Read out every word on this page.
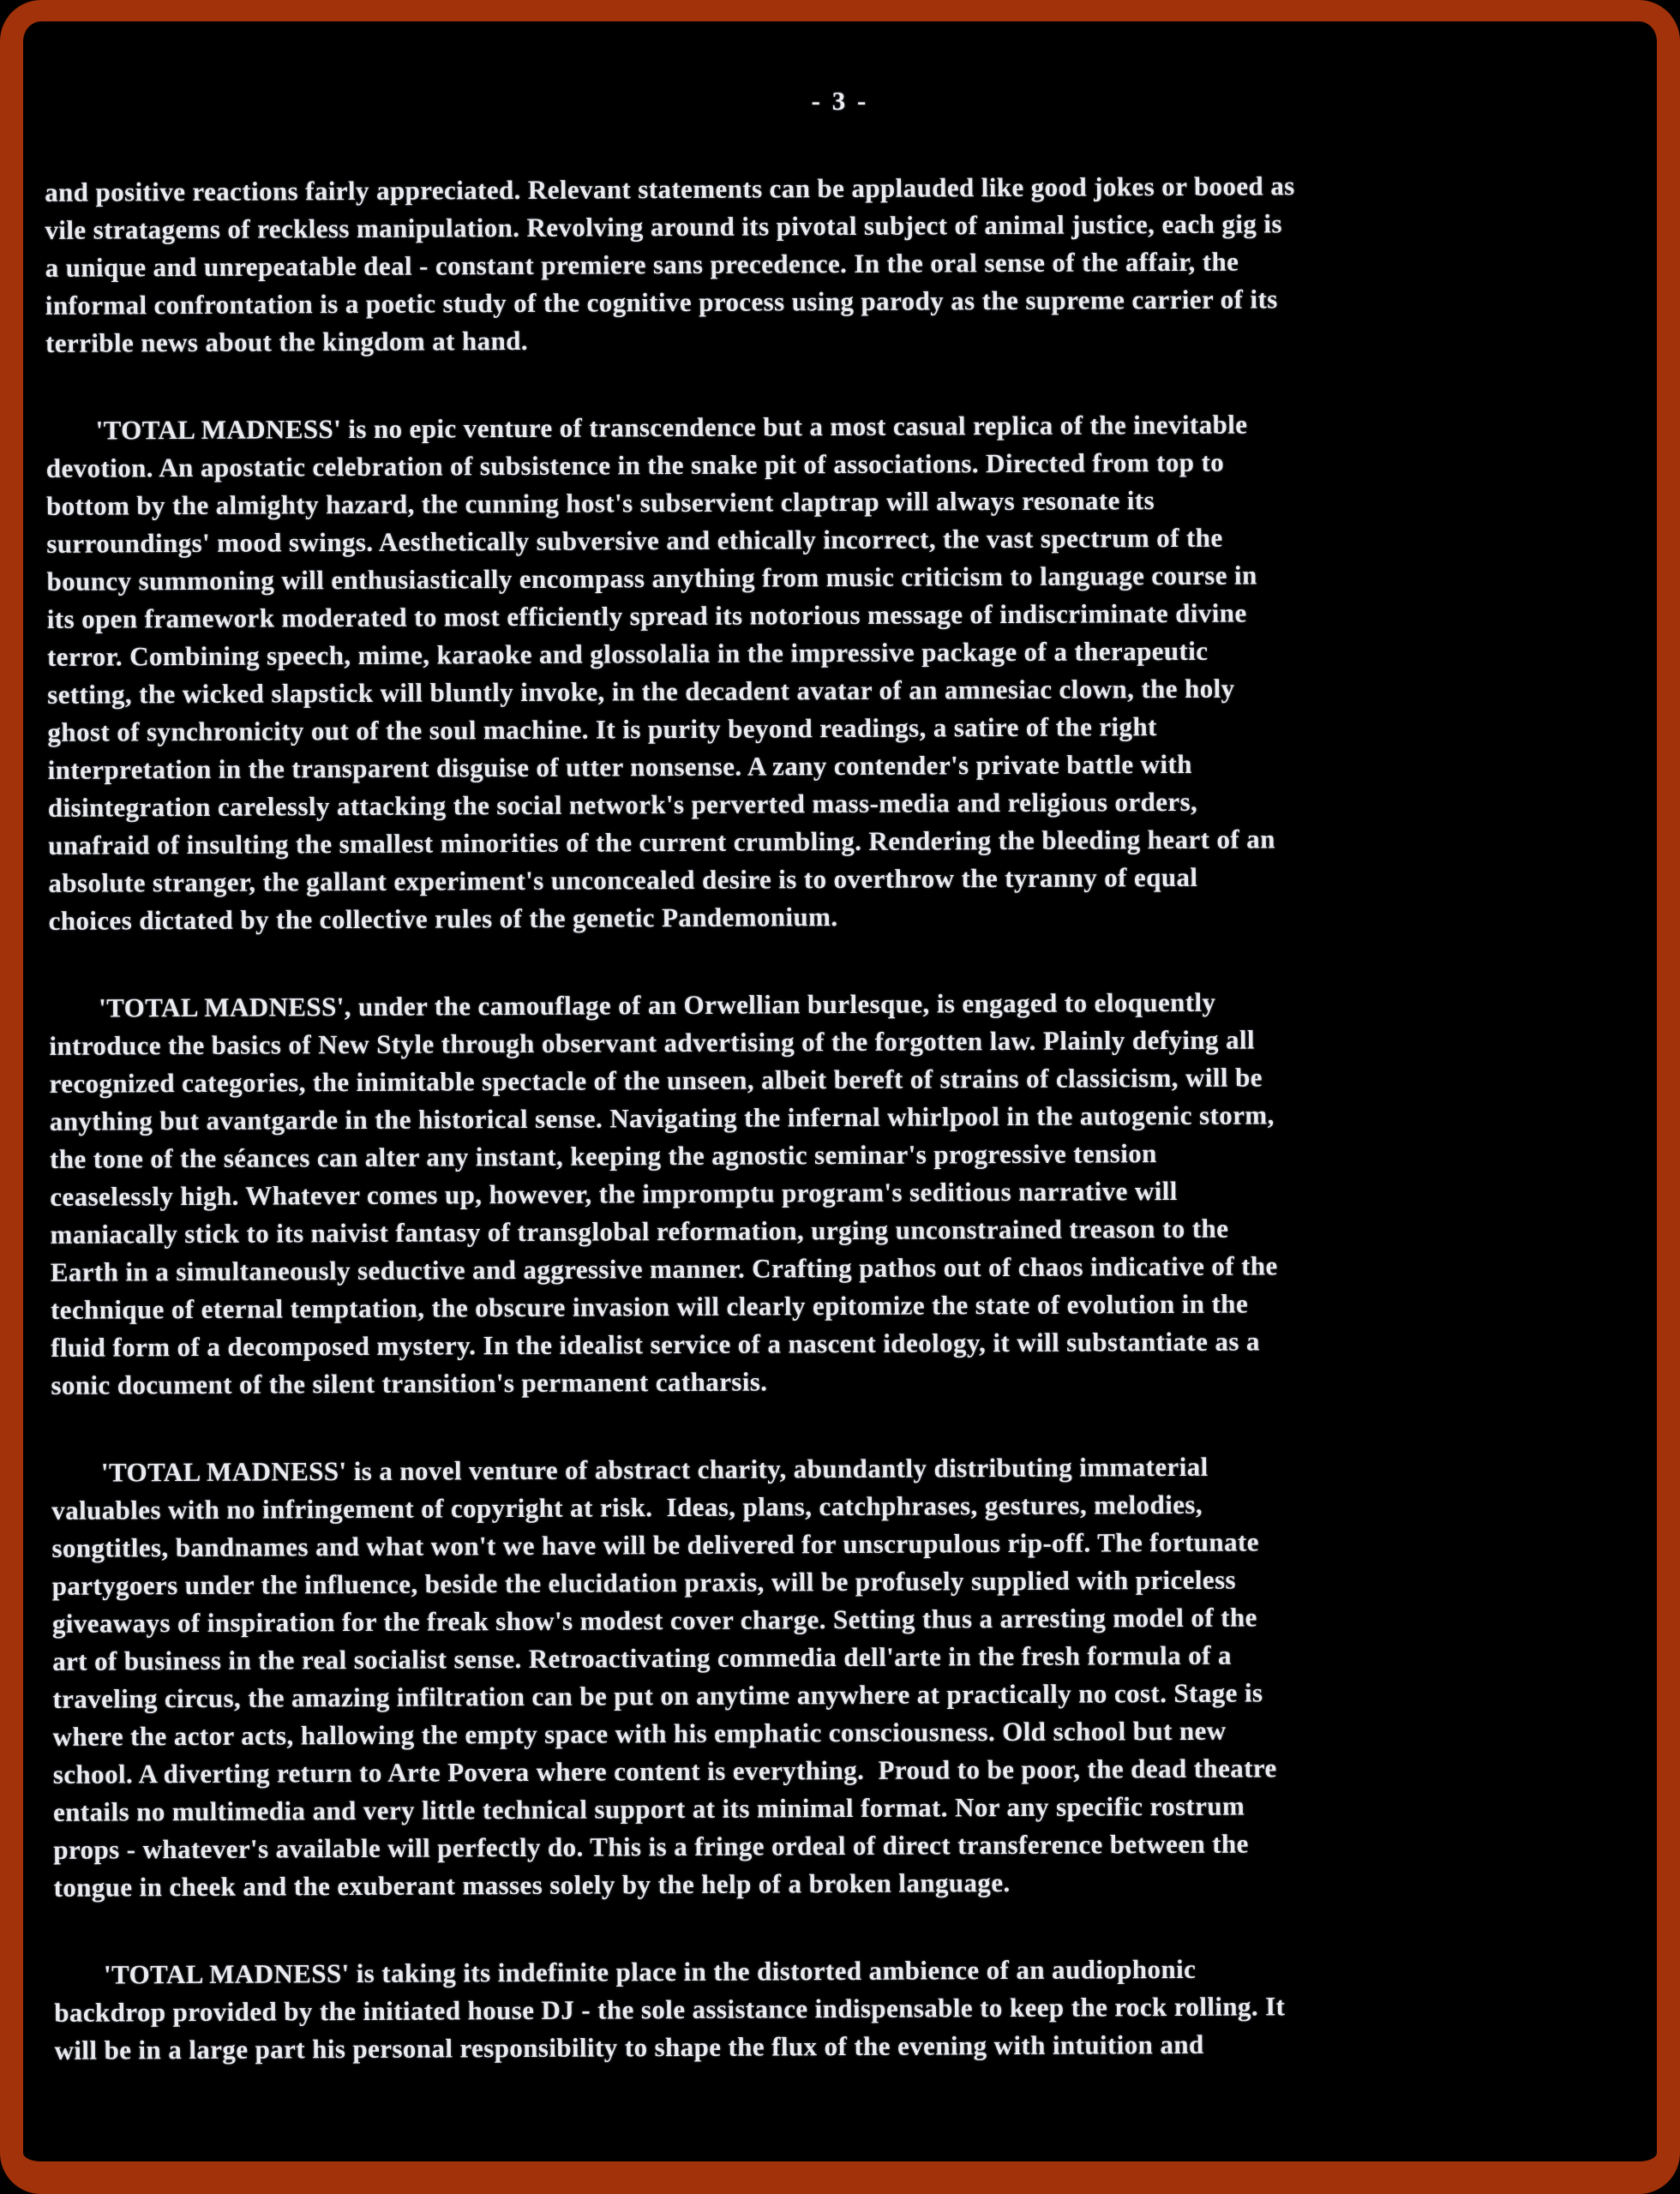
- 3 -

and positive reactions fairly appreciated. Relevant statements can be applauded like good jokes or booed as
vile stratagems of reckless manipulation. Revolving around its pivotal subject of animal justice, each gig is
a unique and unrepeatable deal - constant premiere sans precedence. In the oral sense of the affair, the
informal confrontation is a poetic study of the cognitive process using parody as the supreme carrier of its
terrible news about the kingdom at hand.

'TOTAL MADNESS' is no epic venture of transcendence but a most casual replica of the inevitable
devotion. An apostatic celebration of subsistence in the snake pit of associations. Directed from top to
bottom by the almighty hazard, the cunning host's subservient claptrap will always resonate its
surroundings' mood swings. Aesthetically subversive and ethically incorrect, the vast spectrum of the
bouncy summoning will enthusiastically encompass anything from music criticism to language course in
its open framework moderated to most efficiently spread its notorious message of indiscriminate divine
terror. Combining speech, mime, karaoke and glossolalia in the impressive package of a therapeutic
setting, the wicked slapstick will bluntly invoke, in the decadent avatar of an amnesiac clown, the holy
ghost of synchronicity out of the soul machine. It is purity beyond readings, a satire of the right
interpretation in the transparent disguise of utter nonsense. A zany contender's private battle with
disintegration carelessly attacking the social network's perverted mass-media and religious orders,
unafraid of insulting the smallest minorities of the current crumbling. Rendering the bleeding heart of an
absolute stranger, the gallant experiment's unconcealed desire is to overthrow the tyranny of equal
choices dictated by the collective rules of the genetic Pandemonium.

'TOTAL MADNESS', under the camouflage of an Orwellian burlesque, is engaged to eloquently
introduce the basics of New Style through observant advertising of the forgotten law. Plainly defying all
recognized categories, the inimitable spectacle of the unseen, albeit bereft of strains of classicism, will be
anything but avantgarde in the historical sense. Navigating the infernal whirlpool in the autogenic storm,
the tone of the séances can alter any instant, keeping the agnostic seminar's progressive tension
ceaselessly high. Whatever comes up, however, the impromptu program's seditious narrative will
maniacally stick to its naivist fantasy of transglobal reformation, urging unconstrained treason to the
Earth in a simultaneously seductive and aggressive manner. Crafting pathos out of chaos indicative of the
technique of eternal temptation, the obscure invasion will clearly epitomize the state of evolution in the
fluid form of a decomposed mystery. In the idealist service of a nascent ideology, it will substantiate as a
sonic document of the silent transition's permanent catharsis.

'TOTAL MADNESS' is a novel venture of abstract charity, abundantly distributing immaterial
valuables with no infringement of copyright at risk.  Ideas, plans, catchphrases, gestures, melodies,
songtitles, bandnames and what won't we have will be delivered for unscrupulous rip-off. The fortunate
partygoers under the influence, beside the elucidation praxis, will be profusely supplied with priceless
giveaways of inspiration for the freak show's modest cover charge. Setting thus a arresting model of the
art of business in the real socialist sense. Retroactivating commedia dell'arte in the fresh formula of a
traveling circus, the amazing infiltration can be put on anytime anywhere at practically no cost. Stage is
where the actor acts, hallowing the empty space with his emphatic consciousness. Old school but new
school. A diverting return to Arte Povera where content is everything.  Proud to be poor, the dead theatre
entails no multimedia and very little technical support at its minimal format. Nor any specific rostrum
props - whatever's available will perfectly do. This is a fringe ordeal of direct transference between the
tongue in cheek and the exuberant masses solely by the help of a broken language.

'TOTAL MADNESS' is taking its indefinite place in the distorted ambience of an audiophonic
backdrop provided by the initiated house DJ - the sole assistance indispensable to keep the rock rolling. It
will be in a large part his personal responsibility to shape the flux of the evening with intuition and
